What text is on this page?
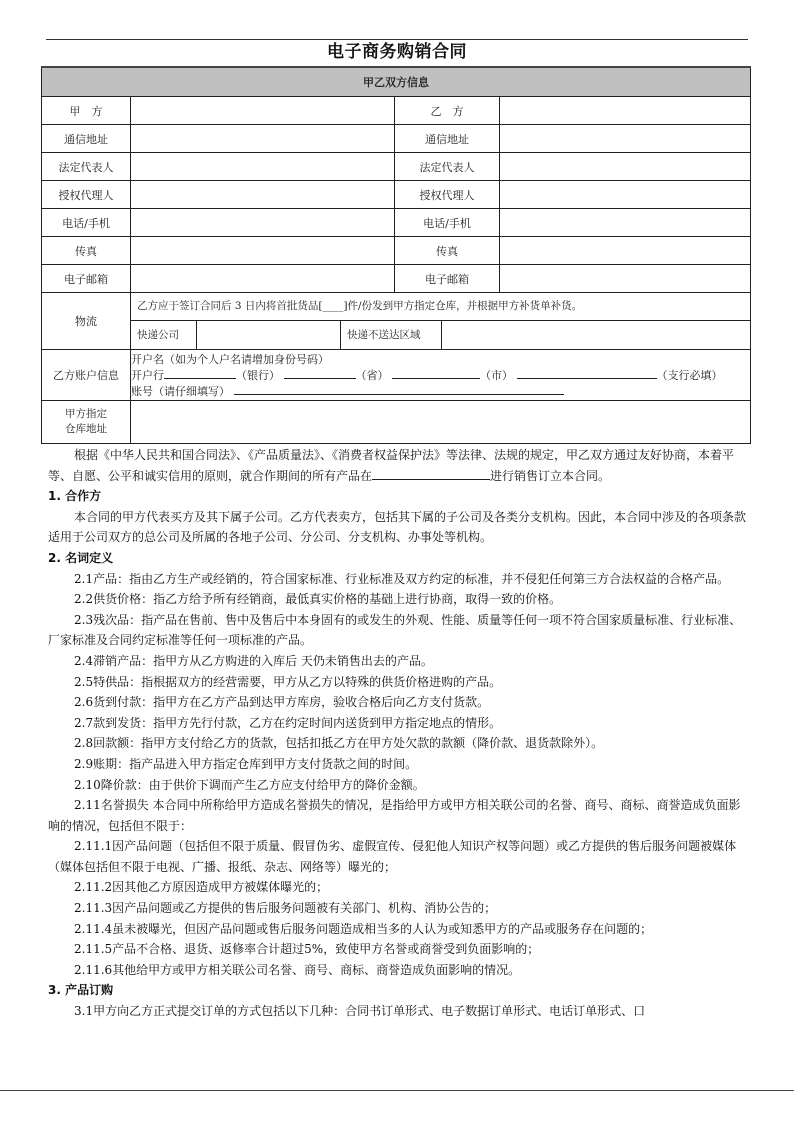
电子商务购销合同
甲乙双方信息			
甲　方		乙　方	
通信地址		通信地址	
法定代表人		法定代表人	
授权代理人		授权代理人	
电话/手机		电话/手机	
传真		传真	
电子邮箱		电子邮箱	
物流	乙方应于签订合同后 3 日内将首批货品[____]件/份发到甲方指定仓库，并根据甲方补货单补货。
快递公司 快递不送达区域		

乙方账户信息	开户名（如为个人户名请增加身份号码）
开户行 （银行） （省） （市） （支行必填）
账号（请仔细填写）		

甲方指定
仓库地址			

根据《中华人民共和国合同法》、《产品质量法》、《消费者权益保护法》等法律、法规的规定，甲乙双方通过友好协商，本着平等、自愿、公平和诚实信用的原则，就合作期间的所有产品在	进行销售订立本合同。

1. 合作方

本合同的甲方代表买方及其下属子公司。乙方代表卖方，包括其下属的子公司及各类分支机构。因此，本合同中涉及的各项条款适用于公司双方的总公司及所属的各地子公司、分公司、分支机构、办事处等机构。

2. 名词定义

2.1产品：指由乙方生产或经销的，符合国家标准、行业标准及双方约定的标准，并不侵犯任何第三方合法权益的合格产品。

2.2供货价格：指乙方给予所有经销商，最低真实价格的基础上进行协商，取得一致的价格。

2.3残次品：指产品在售前、售中及售后中本身固有的或发生的外观、性能、质量等任何一项不符合国家质量标准、行业标准、厂家标准及合同约定标准等任何一项标准的产品。

2.4滞销产品：指甲方从乙方购进的入库后 天仍未销售出去的产品。

2.5特供品：指根据双方的经营需要，甲方从乙方以特殊的供货价格进购的产品。

2.6货到付款：指甲方在乙方产品到达甲方库房，验收合格后向乙方支付货款。

2.7款到发货：指甲方先行付款，乙方在约定时间内送货到甲方指定地点的情形。

2.8回款额：指甲方支付给乙方的货款，包括扣抵乙方在甲方处欠款的款额（降价款、退货款除外）。

2.9账期：指产品进入甲方指定仓库到甲方支付货款之间的时间。

2.10降价款：由于供价下调而产生乙方应支付给甲方的降价金额。

2.11名誉损失 本合同中所称给甲方造成名誉损失的情况，是指给甲方或甲方相关联公司的名誉、商号、商标、商誉造成负面影响的情况，包括但不限于：

2.11.1因产品问题（包括但不限于质量、假冒伪劣、虚假宣传、侵犯他人知识产权等问题）或乙方提供的售后服务问题被媒体（媒体包括但不限于电视、广播、报纸、杂志、网络等）曝光的；

2.11.2因其他乙方原因造成甲方被媒体曝光的；

2.11.3因产品问题或乙方提供的售后服务问题被有关部门、机构、消协公告的；

2.11.4虽未被曝光，但因产品问题或售后服务问题造成相当多的人认为或知悉甲方的产品或服务存在问题的；

2.11.5产品不合格、退货、返修率合计超过5%，致使甲方名誉或商誉受到负面影响的；

2.11.6其他给甲方或甲方相关联公司名誉、商号、商标、商誉造成负面影响的情况。

3. 产品订购

3.1甲方向乙方正式提交订单的方式包括以下几种：合同书订单形式、电子数据订单形式、电话订单形式、口
